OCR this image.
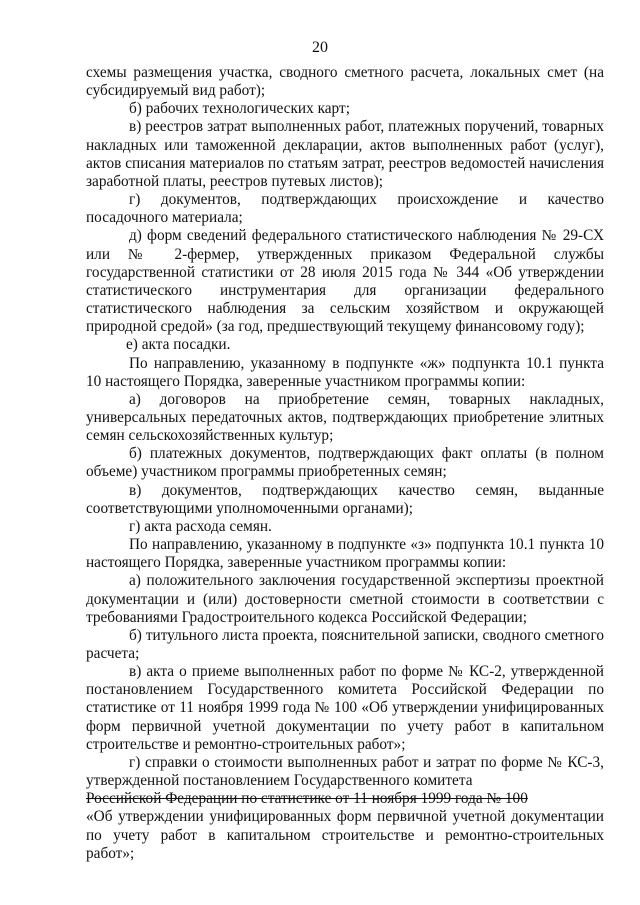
20

схемы размещения участка, сводного сметного расчета, локальных смет (на субсидируемый вид работ);

б) рабочих технологических карт;

в) реестров затрат выполненных работ, платежных поручений, товарных накладных или таможенной декларации, актов выполненных работ (услуг), актов списания материалов по статьям затрат, реестров ведомостей начисления заработной платы, реестров путевых листов);

г) документов, подтверждающих происхождение и качество посадочного материала;

д) форм сведений федерального статистического наблюдения № 29-СХ или № 2-фермер, утвержденных приказом Федеральной службы государственной статистики от 28 июля 2015 года № 344 «Об утверждении статистического инструментария для организации федерального статистического наблюдения за сельским хозяйством и окружающей природной средой» (за год, предшествующий текущему финансовому году);

е) акта посадки.

По направлению, указанному в подпункте «ж» подпункта 10.1 пункта 10 настоящего Порядка, заверенные участником программы копии:

а) договоров на приобретение семян, товарных накладных, универсальных передаточных актов, подтверждающих приобретение элитных семян сельскохозяйственных культур;

б) платежных документов, подтверждающих факт оплаты (в полном объеме) участником программы приобретенных семян;

в) документов, подтверждающих качество семян, выданные соответствующими уполномоченными органами);

г) акта расхода семян.

По направлению, указанному в подпункте «з» подпункта 10.1 пункта 10 настоящего Порядка, заверенные участником программы копии:

а) положительного заключения государственной экспертизы проектной документации и (или) достоверности сметной стоимости в соответствии с требованиями Градостроительного кодекса Российской Федерации;

б) титульного листа проекта, пояснительной записки, сводного сметного расчета;

в) акта о приеме выполненных работ по форме № КС-2, утвержденной постановлением Государственного комитета Российской Федерации по статистике от 11 ноября 1999 года № 100 «Об утверждении унифицированных форм первичной учетной документации по учету работ в капитальном строительстве и ремонтно-строительных работ»;

г) справки о стоимости выполненных работ и затрат по форме № КС-3, утвержденной постановлением Государственного комитета

Российской Федерации по статистике от 11 ноября 1999 года № 100

«Об утверждении унифицированных форм первичной учетной документации по учету работ в капитальном строительстве и ремонтно-строительных работ»;
